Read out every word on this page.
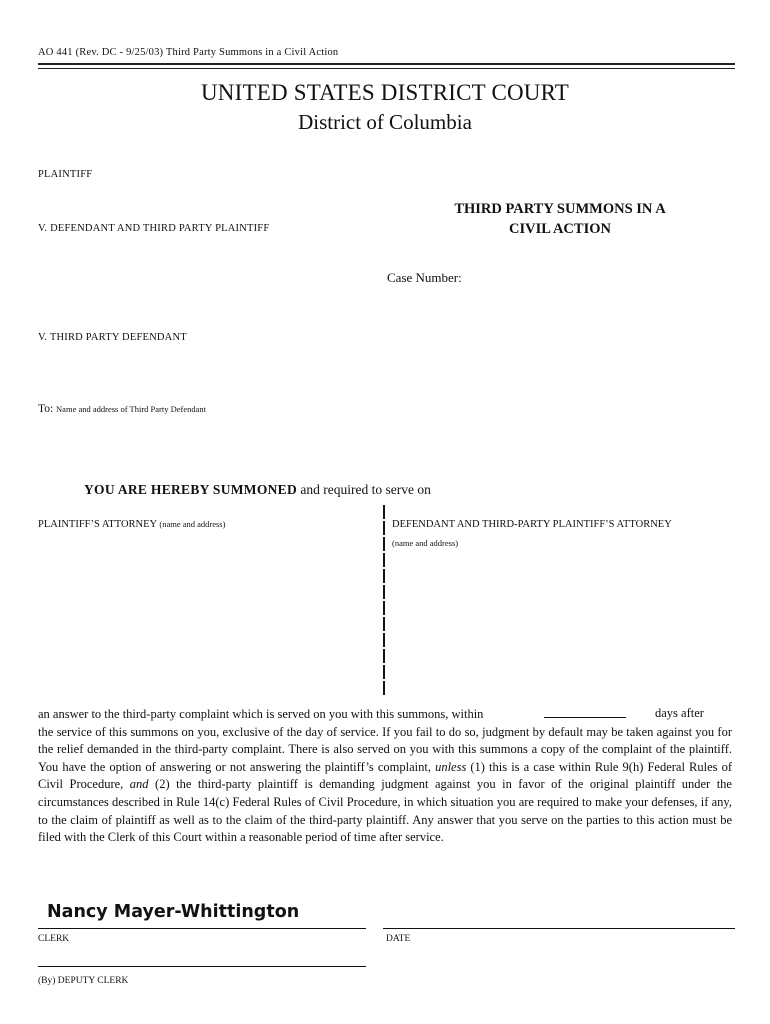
AO 441 (Rev. DC - 9/25/03) Third Party Summons in a Civil Action
UNITED STATES DISTRICT COURT
District of Columbia
PLAINTIFF
V. DEFENDANT AND THIRD PARTY PLAINTIFF
THIRD PARTY SUMMONS IN A
CIVIL ACTION
Case Number:
V. THIRD PARTY DEFENDANT
To: Name and address of Third Party Defendant
YOU ARE HEREBY SUMMONED and required to serve on
PLAINTIFF’S ATTORNEY (name and address)	DEFENDANT AND THIRD-PARTY PLAINTIFF’S ATTORNEY
(name and address)
an answer to the third-party complaint which is served on you with this summons, within
the service of this summons on you, exclusive of the day of service. If you fail to do so, judgment by default may be taken against you for the relief demanded in the third-party complaint. There is also served on you with this summons a copy of the complaint of the plaintiff. You have the option of answering or not answering the plaintiff’s complaint, unless (1) this is a case within Rule 9(h) Federal Rules of Civil Procedure, and (2) the third-party plaintiff is demanding judgment against you in favor of the original plaintiff under the circumstances described in Rule 14(c) Federal Rules of Civil Procedure, in which situation you are required to make your defenses, if any, to the claim of plaintiff as well as to the claim of the third-party plaintiff. Any answer that you serve on the parties to this action must be filed with the Clerk of this Court within a reasonable period of time after service.
days after
Nancy Mayer-Whittington
CLERK	DATE
(By) DEPUTY CLERK
